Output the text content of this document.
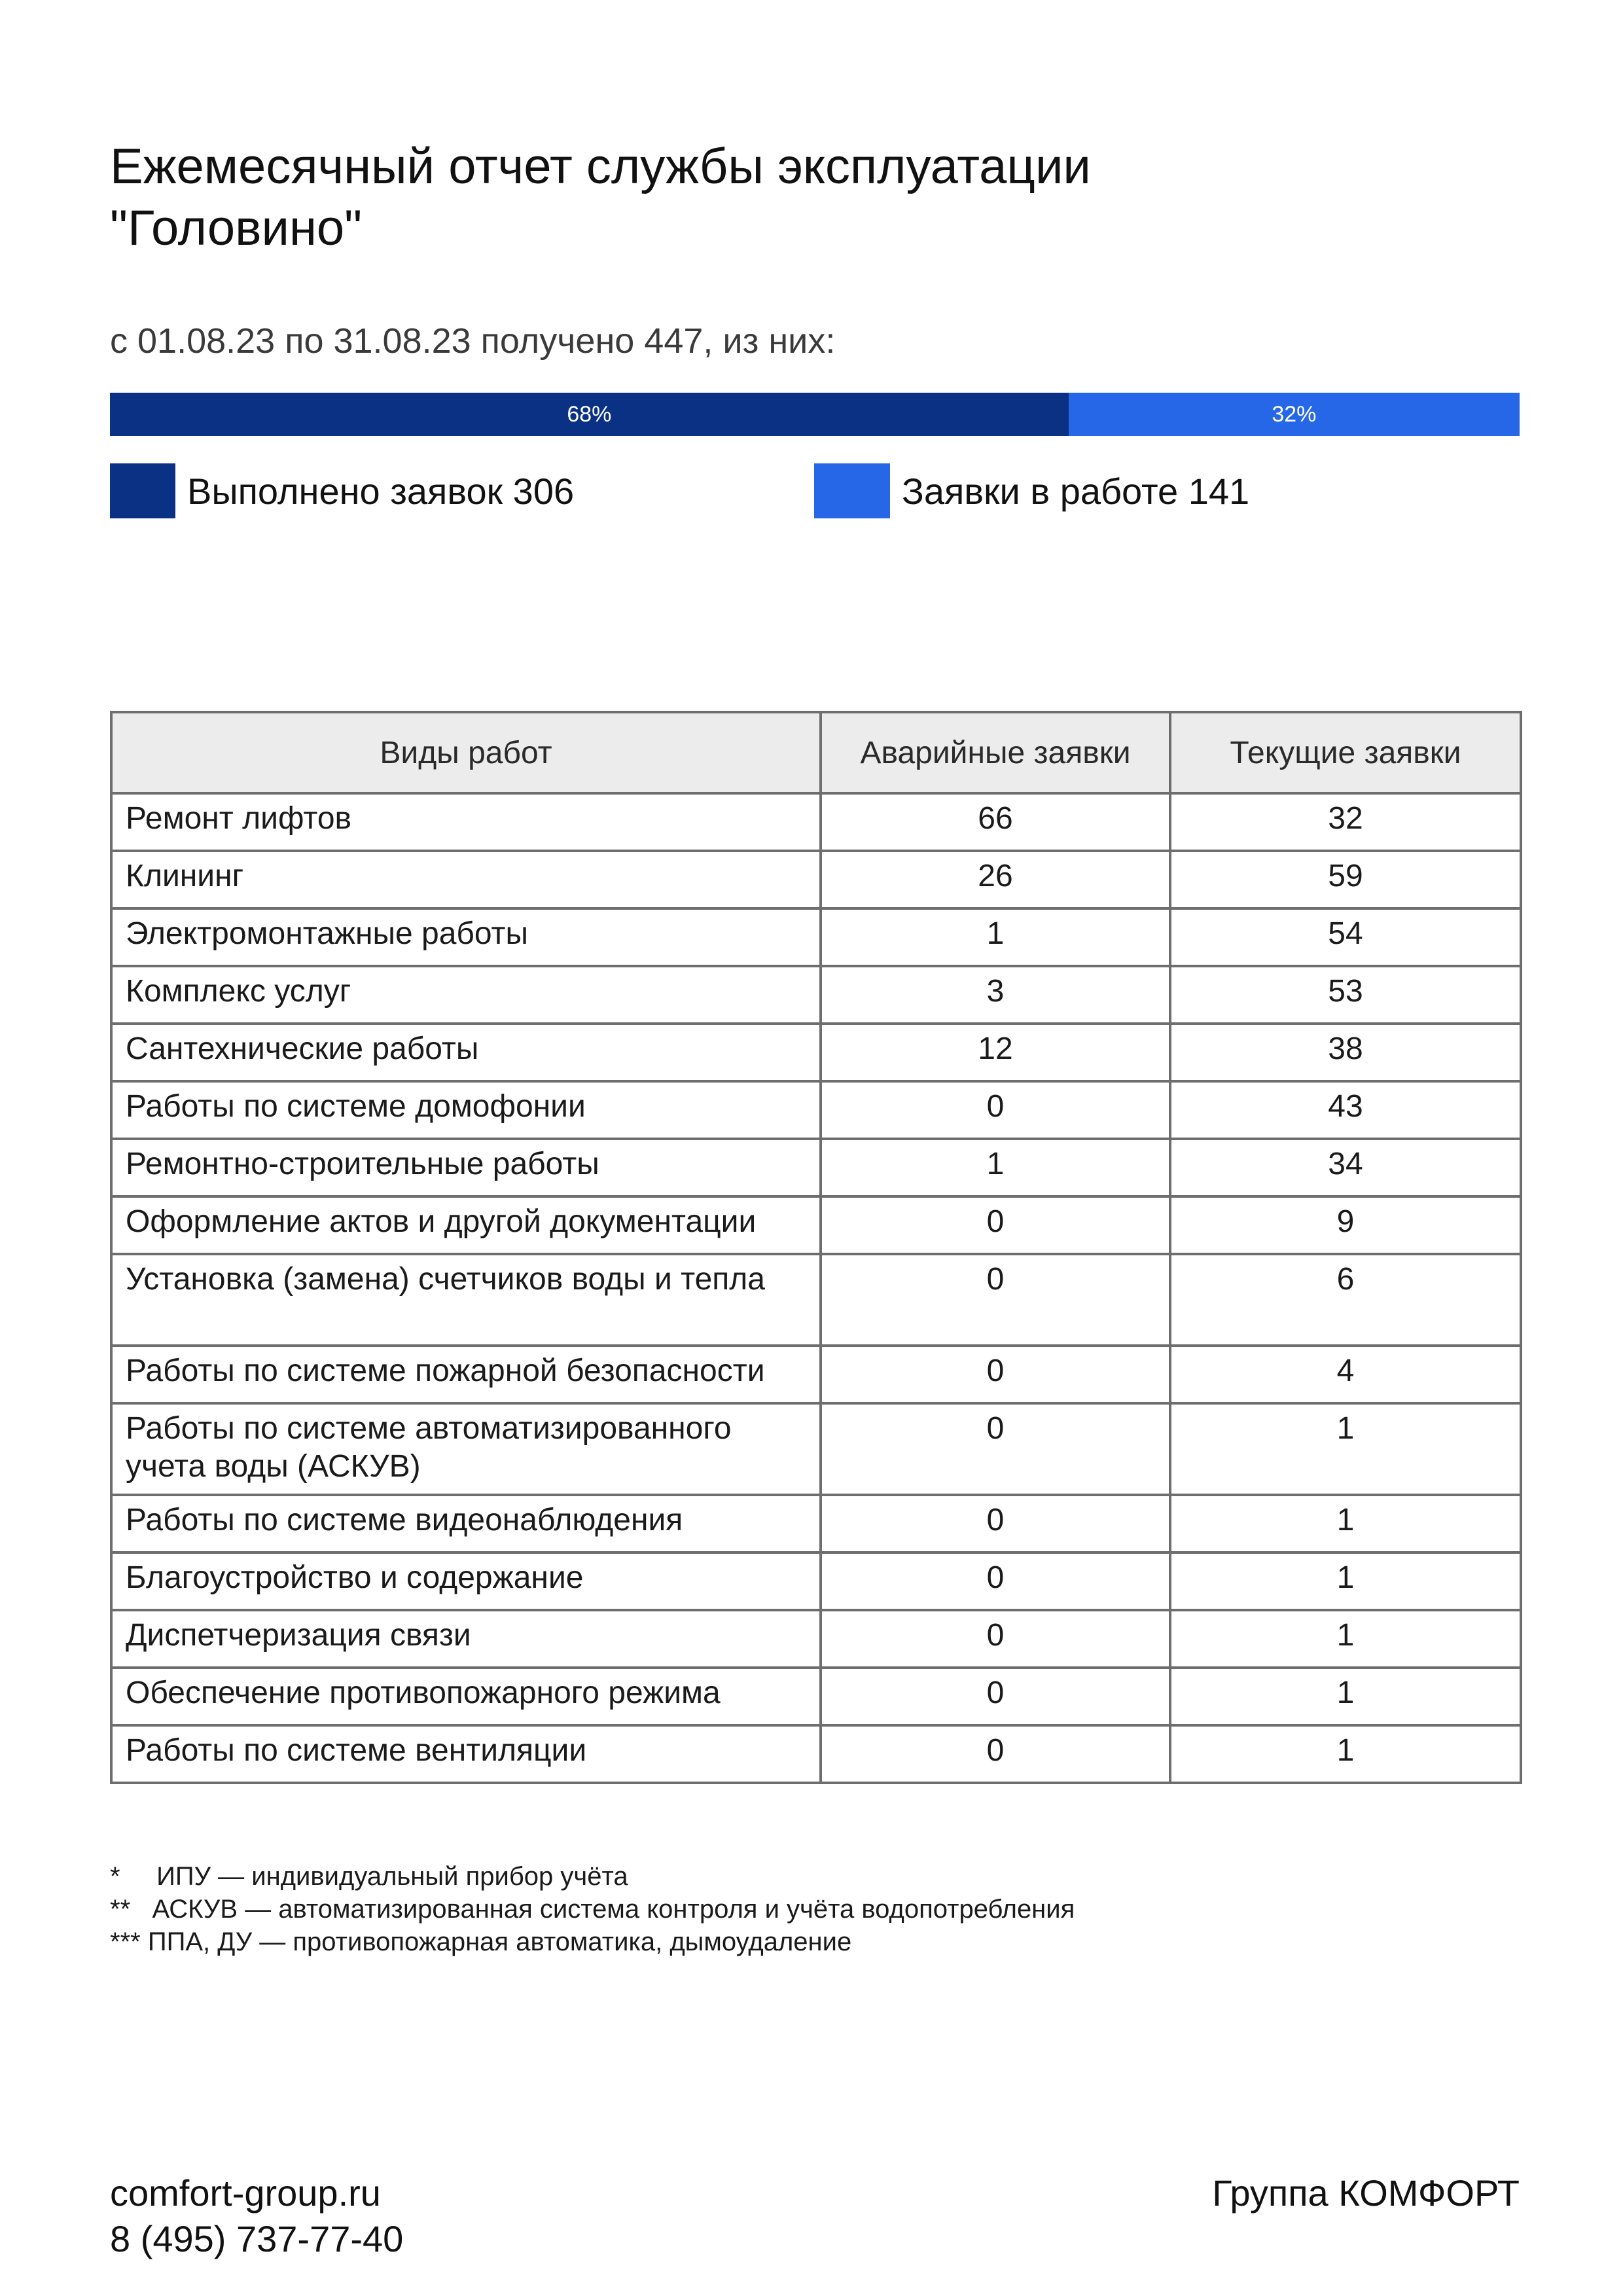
Ежемесячный отчет службы эксплуатации
"Головино"
с 01.08.23 по 31.08.23 получено 447, из них:
68%	32%
Выполнено заявок 306	Заявки в работе 141
Виды работ	Аварийные заявки	Текущие заявки
Ремонт лифтов	66	32
Клининг	26	59
Электромонтажные работы	1	54
Комплекс услуг	3	53
Сантехнические работы	12	38
Работы по системе домофонии	0	43
Ремонтно-строительные работы	1	34
Оформление актов и другой документации	0	9
Установка (замена) счетчиков воды и тепла	0	6
Работы по системе пожарной безопасности	0	4
Работы по системе автоматизированного учета воды (АСКУВ)	0	1
Работы по системе видеонаблюдения	0	1
Благоустройство и содержание	0	1
Диспетчеризация связи	0	1
Обеспечение противопожарного режима	0	1
Работы по системе вентиляции	0	1
*     ИПУ — индивидуальный прибор учёта
**   АСКУВ — автоматизированная система контроля и учёта водопотребления
*** ППА, ДУ — противопожарная автоматика, дымоудаление
comfort-group.ru
8 (495) 737-77-40
Группа КОМФОРТ
